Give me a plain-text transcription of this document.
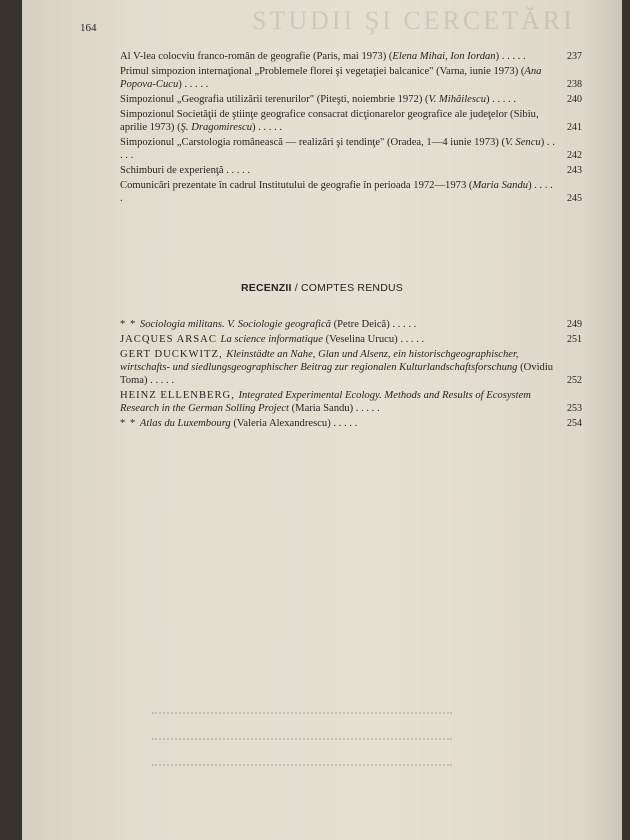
STUDII ŞI CERCETĂRI
164
Al V-lea colocviu franco-român de geografie (Paris, mai 1973) (Elena Mihai, Ion Iordan) . . . . .	237
Primul simpozion internaţional „Problemele florei şi vegetaţiei balcanice" (Varna, iunie 1973) (Ana Popova-Cucu) . . . . .	238
Simpozionul „Geografia utilizării terenurilor" (Piteşti, noiembrie 1972) (V. Mihăilescu) . . . . .	240
Simpozionul Societăţii de ştiinţe geografice consacrat dicţionarelor geografice ale judeţelor (Sibiu, aprilie 1973) (Ş. Dragomirescu) . . . . .	241
Simpozionul „Carstologia românească — realizări şi tendinţe" (Oradea, 1—4 iunie 1973) (V. Sencu) . . . . .	242
Schimburi de experienţă . . . . .	243
Comunicări prezentate în cadrul Institutului de geografie în perioada 1972—1973 (Maria Sandu) . . . . .	245
RECENZII / COMPTES RENDUS
* * Sociologia militans. V. Sociologie geografică (Petre Deică) . . . . .	249
JACQUES ARSAC La science informatique (Veselina Urucu) . . . . .	251
GERT DUCKWITZ, Kleinstädte an Nahe, Glan und Alsenz, ein historischgeographischer, wirtschafts- und siedlungsgeographischer Beitrag zur regionalen Kulturlandschaftsforschung (Ovidiu Toma) . . . . .	252
HEINZ ELLENBERG, Integrated Experimental Ecology. Methods and Results of Ecosystem Research in the German Solling Project (Maria Sandu) . . . . .	253
* * Atlas du Luxembourg (Valeria Alexandrescu) . . . . .	254
